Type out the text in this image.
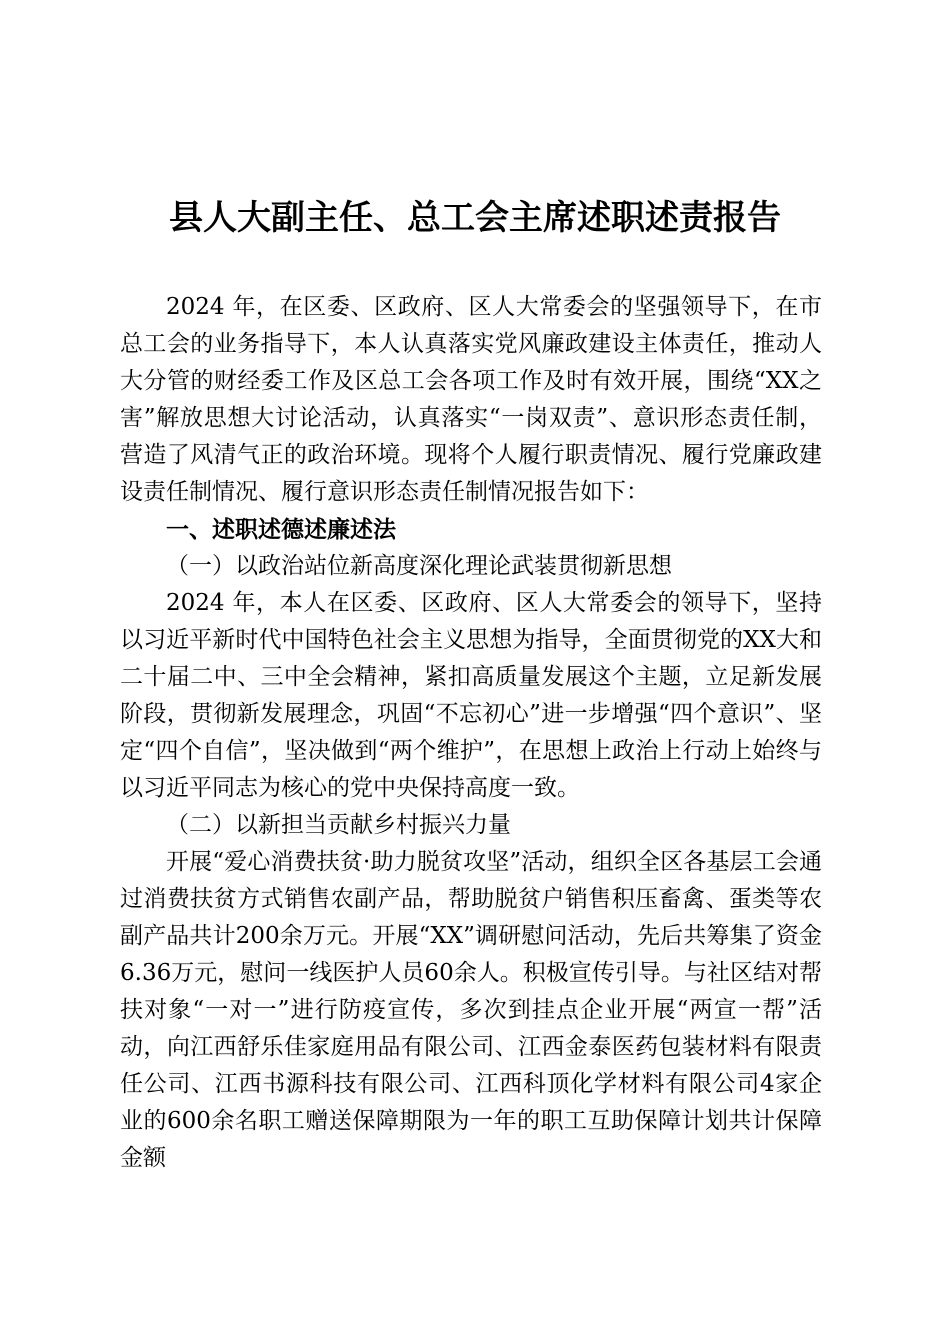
县人大副主任、总工会主席述职述责报告

2024 年，在区委、区政府、区人大常委会的坚强领导下，在市总工会的业务指导下，本人认真落实党风廉政建设主体责任，推动人大分管的财经委工作及区总工会各项工作及时有效开展，围绕“XX之害”解放思想大讨论活动，认真落实“一岗双责”、意识形态责任制，营造了风清气正的政治环境。现将个人履行职责情况、履行党廉政建设责任制情况、履行意识形态责任制情况报告如下：

一、述职述德述廉述法

（一）以政治站位新高度深化理论武装贯彻新思想

2024 年，本人在区委、区政府、区人大常委会的领导下，坚持以习近平新时代中国特色社会主义思想为指导，全面贯彻党的XX大和二十届二中、三中全会精神，紧扣高质量发展这个主题，立足新发展阶段，贯彻新发展理念，巩固“不忘初心”进一步增强“四个意识”、坚定“四个自信”，坚决做到“两个维护”，在思想上政治上行动上始终与以习近平同志为核心的党中央保持高度一致。

（二）以新担当贡献乡村振兴力量

开展“爱心消费扶贫·助力脱贫攻坚”活动，组织全区各基层工会通过消费扶贫方式销售农副产品，帮助脱贫户销售积压畜禽、蛋类等农副产品共计200余万元。开展“XX”调研慰问活动，先后共筹集了资金6.36万元，慰问一线医护人员60余人。积极宣传引导。与社区结对帮扶对象“一对一”进行防疫宣传，多次到挂点企业开展“两宣一帮”活动，向江西舒乐佳家庭用品有限公司、江西金泰医药包装材料有限责任公司、江西书源科技有限公司、江西科顶化学材料有限公司4家企业的600余名职工赠送保障期限为一年的职工互助保障计划共计保障金额
